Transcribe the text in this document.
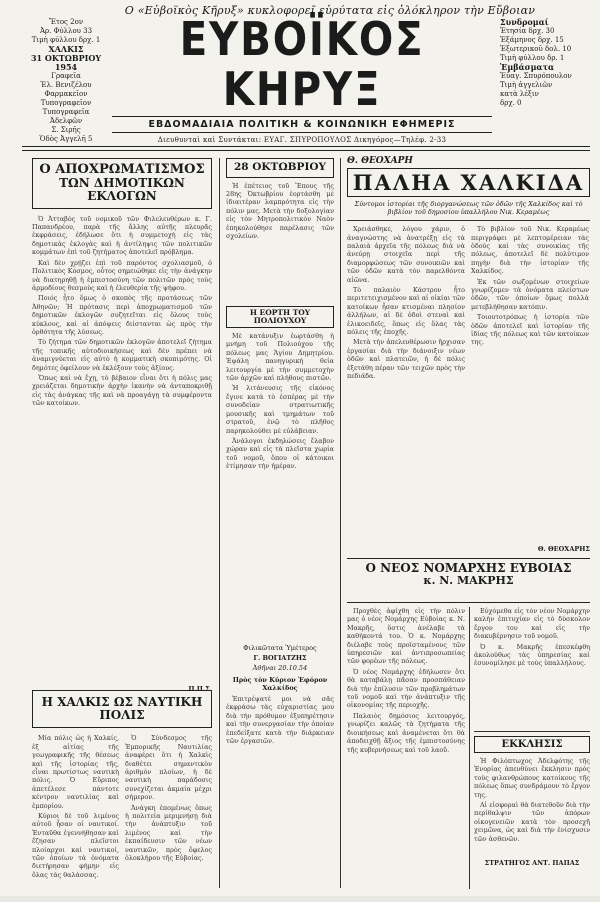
Ο «Εὐβοϊκὸς Κῆρυξ» κυκλοφορεῖ εὐρύτατα εἰς ὁλόκληρον τὴν Εὔβοιαν
Ἔτος 2ον
Ἀρ. Φύλλου 33
Τιμὴ φύλλου δρχ. 1
ΧΑΛΚΙΣ
31 ΟΚΤΩΒΡΙΟΥ 1954
Γραφεῖα
Ἐλ. Βενιζέλου Φαρμακεῖον
Τυπογραφεῖον
Τυπογραφεῖα Ἀδελφῶν
Σ. Σιρῆς
Ὁδὸς Ἀγγελῆ 5
ΕΥΒΟΪΚΟΣ ΚΗΡΥΞ
ΕΒΔΟΜΑΔΙΑΙΑ ΠΟΛΙΤΙΚΗ & ΚΟΙΝΩΝΙΚΗ ΕΦΗΜΕΡΙΣ
Διευθυνταὶ καὶ Συντάκται: ΕΥΑΓ. ΣΠΥΡΟΠΟΥΛΟΣ Δικηγόρος—Τηλέφ. 2-33
Συνδρομαί
Ἐτησία δρχ. 30
Ἑξάμηνος δρχ. 15
Ἐξωτερικοῦ δολ. 10
Τιμὴ φύλλου δρ. 1
Ἐμβάσματα
Ἐῦαγ. Σπυρόπουλον
Τιμὴ ἀγγελιῶν
κατὰ λέξιν
δρχ. 0
Ο ΑΠΟΧΡΩΜΑΤΙΣΜΟΣ
ΤΩΝ ΔΗΜΟΤΙΚΩΝ ΕΚΛΟΓΩΝ

Ὁ Ἀτταβὸς τοῦ νομικοῦ τῶν Φιλελευθέρων κ. Γ. Παπανδρέου, παρὰ τῆς ἄλλης αὐτῆς πλευρᾶς ἐκφράσεις, ἐδήλωσε ὅτι ἡ συμμετοχὴ εἰς τὰς δημοτικὰς ἐκλογὰς καὶ ἡ ἀντίληψις τῶν πολιτικῶν κομμάτων ἐπὶ τοῦ ζητήματος ἀποτελεῖ πρόβλημα.

Καὶ δὲν χρῄζει ἐπὶ τοῦ παρόντος σχολιασμοῦ, ὁ Πολιτικὸς Κόσμος, οὗτος σημειώθηκε εἰς τὴν ἀνάγκην νὰ διατηρηθῇ ἡ ἐμπιστοσύνη τῶν πολιτῶν πρὸς τοὺς ἀρμοδίους θεσμοὺς καὶ ἡ ἐλευθερία τῆς ψήφου.

Ποιός ἦτο ὅμως ὁ σκοπὸς τῆς προτάσεως τῶν Ἀθηνῶν; Ἡ πρότασις περὶ ἀποχρωματισμοῦ τῶν δημοτικῶν ἐκλογῶν συζητεῖται εἰς ὅλους τοὺς κύκλους, καὶ αἱ ἀπόψεις διίστανται ὡς πρὸς τὴν ὀρθότητα τῆς λύσεως.

Τὸ ζήτημα τῶν δημοτικῶν ἐκλογῶν ἀποτελεῖ ζήτημα τῆς τοπικῆς αὐτοδιοικήσεως καὶ δὲν πρέπει νὰ ἀναμιγνύεται εἰς αὐτὸ ἡ κομματικὴ σκοπιμότης. Οἱ δημότες ὀφείλουν νὰ ἐκλέξουν τοὺς ἀξίους.

Ὅπως καὶ νὰ ἔχῃ, τὸ βέβαιον εἶναι ὅτι ἡ πόλις μας χρειάζεται δημοτικὴν ἀρχὴν ἱκανὴν νὰ ἀνταποκριθῇ εἰς τὰς ἀνάγκας τῆς καὶ νὰ προαγάγῃ τὰ συμφέροντα τῶν κατοίκων.

Π.Π.Σ.
Η ΧΑΛΚΙΣ ΩΣ ΝΑΥΤΙΚΗ ΠΟΛΙΣ

Μία πόλις ὡς ἡ Χαλκίς, ἐξ αἰτίας τῆς γεωγραφικῆς τῆς θέσεως καὶ τῆς ἱστορίας τῆς, εἶναι πρωτίστως ναυτικὴ πόλις. Ὁ Εὔριπος ἀπετέλεσε πάντοτε κέντρον ναυτιλίας καὶ ἐμπορίου.

Κύριοι δὲ τοῦ λιμένος αὐτοῦ ἦσαν οἱ ναυτικοί. Ἐνταῦθα ἐγεννήθησαν καὶ ἔζησαν πλεῖστοι πλοίαρχοι καὶ ναυτικοί, τῶν ὁποίων τὰ ὀνόματα διετήρησαν φήμην εἰς ὅλας τὰς θαλάσσας.

Ὁ Σύνδεσμος τῆς Ἐμπορικῆς Ναυτιλίας ἀναφέρει ὅτι ἡ Χαλκὶς διαθέτει σημαντικὸν ἀριθμὸν πλοίων, ἡ δὲ ναυτικὴ παράδοσις συνεχίζεται ἀκμαία μέχρι σήμερον.

Ἀνάγκη ἐπομένως ὅπως ἡ πολιτεία μεριμνήσῃ διὰ τὴν ἀνάπτυξιν τοῦ λιμένος καὶ τὴν ἐκπαίδευσιν τῶν νέων ναυτικῶν, πρὸς ὄφελος ὁλοκλήρου τῆς Εὐβοίας.

28 ΟΚΤΩΒΡΙΟΥ

Ἡ ἐπέτειος τοῦ Ἔπους τῆς 28ης Ὀκτωβρίου ἑορτάσθη μὲ ἰδιαιτέραν λαμπρότητα εἰς τὴν πόλιν μας. Μετὰ τὴν δοξολογίαν εἰς τὸν Μητροπολιτικὸν Ναὸν ἐπηκολούθησε παρέλασις τῶν σχολείων.

Η ΕΟΡΤΗ ΤΟΥ ΠΟΛΙΟΥΧΟΥ

Μὲ κατάνυξιν ἑωρτάσθη ἡ μνήμη τοῦ Πολιούχου τῆς πόλεως μας Ἁγίου Δημητρίου. Ἐψάλη πανηγυρικὴ θεία λειτουργία μὲ τὴν συμμετοχὴν τῶν ἀρχῶν καὶ πλήθους πιστῶν.

Ἡ λιτάνευσις τῆς εἰκόνος ἔγινε κατὰ τὸ ἑσπέρας μὲ τὴν συνοδείαν στρατιωτικῆς μουσικῆς καὶ τμημάτων τοῦ στρατοῦ, ἐνῷ τὸ πλῆθος παρηκολούθει μὲ εὐλάβειαν.

Ἀνάλογοι ἐκδηλώσεις ἔλαβον χώραν καὶ εἰς τὰ πλεῖστα χωρία τοῦ νομοῦ, ὅπου οἱ κάτοικοι ἐτίμησαν τὴν ἡμέραν.

Φιλικῶτατα Ὑμέτερος
Γ. ΒΟΓΙΑΤΖΗΣ
Ἀθῆναι 20.10.54
Πρὸς τὸν Κύριον Ἐφόρον Χαλκίδος

Ἐπιτρέψατέ μοι νὰ σᾶς ἐκφράσω τὰς εὐχαριστίας μου διὰ τὴν πρόθυμον ἐξυπηρέτησιν καὶ τὴν συνεργασίαν τὴν ὁποίαν ἐπεδείξατε κατὰ τὴν διάρκειαν τῶν ἐργασιῶν.

Θ. ΘΕΟΧΑΡΗ
ΠΑΛΗΑ ΧΑΛΚΙΔΑ
Σύντομοι ἱστορίαι τῆς διοργανώσεως τῶν ὁδῶν τῆς Χαλκίδος καὶ τὸ βιβλίον τοῦ δημοσίου ὑπαλλήλου Νικ. Κεραμέως

Χρειάσθηκε, λόγου χάριν, ὁ ἀναγνώστης νὰ ἀνατρέξῃ εἰς τὰ παλαιὰ ἀρχεῖα τῆς πόλεως διὰ νὰ ἀνεύρῃ στοιχεῖα περὶ τῆς διαμορφώσεως τῶν συνοικιῶν καὶ τῶν ὁδῶν κατὰ τὸν παρελθόντα αἰῶνα.

Τὸ παλαιὸν Κάστρον ἦτο περιτετειχισμένον καὶ αἱ οἰκίαι τῶν κατοίκων ἦσαν κτισμέναι πλησίον ἀλλήλων, αἱ δὲ ὁδοὶ στεναὶ καὶ ἑλικοειδεῖς, ὅπως εἰς ὅλας τὰς πόλεις τῆς ἐποχῆς.

Μετὰ τὴν ἀπελευθέρωσιν ἤρχισαν ἐργασίαι διὰ τὴν διάνοιξιν νέων ὁδῶν καὶ πλατειῶν, ἡ δὲ πόλις ἐξετάθη πέραν τῶν τειχῶν πρὸς τὴν πεδιάδα.

Τὸ βιβλίον τοῦ Νικ. Κεραμέως περιγράφει μὲ λεπτομέρειαν τὰς ὁδοὺς καὶ τὰς συνοικίας τῆς πόλεως, ἀποτελεῖ δὲ πολύτιμον πηγὴν διὰ τὴν ἱστορίαν τῆς Χαλκίδος.

Ἐκ τῶν σωζομένων στοιχείων γνωρίζομεν τὰ ὀνόματα πλείστων ὁδῶν, τῶν ὁποίων ὅμως πολλὰ μετεβλήθησαν κατόπιν.

Τοιουτοτρόπως ἡ ἱστορία τῶν ὁδῶν ἀποτελεῖ καὶ ἱστορίαν τῆς ἰδίας τῆς πόλεως καὶ τῶν κατοίκων της.

Θ. ΘΕΟΧΑΡΗΣ
Ο ΝΕΟΣ ΝΟΜΑΡΧΗΣ ΕΥΒΟΙΑΣ
κ. Ν. ΜΑΚΡΗΣ

Προχθὲς ἀφίχθη εἰς τὴν πόλιν μας ὁ νέος Νομάρχης Εὐβοίας κ. Ν. Μακρῆς, ὅστις ἀνέλαβε τὰ καθήκοντά του. Ὁ κ. Νομάρχης διέλαβε τοὺς προϊσταμένους τῶν ὑπηρεσιῶν καὶ ἀντιπροσωπείας τῶν φορέων τῆς πόλεως.

Ὁ νέος Νομάρχης ἐδήλωσεν ὅτι θὰ καταβάλῃ πᾶσαν προσπάθειαν διὰ τὴν ἐπίλυσιν τῶν προβλημάτων τοῦ νομοῦ καὶ τὴν ἀνάπτυξιν τῆς οἰκονομίας τῆς περιοχῆς.

Παλαιὸς δημόσιος λειτουργός, γνωρίζει καλῶς τὰ ζητήματα τῆς διοικήσεως καὶ ἀναμένεται ὅτι θὰ ἀποδειχθῇ ἄξιος τῆς ἐμπιστοσύνης τῆς κυβερνήσεως καὶ τοῦ λαοῦ.

Εὐχόμεθα εἰς τὸν νέον Νομάρχην καλὴν ἐπιτυχίαν εἰς τὸ δύσκολον ἔργον του καὶ εἰς τὴν διακυβέρνησιν τοῦ νομοῦ.

Ὁ κ. Μακρῆς ἐπεσκέφθη ἀκολούθως τὰς ὑπηρεσίας καὶ ἐσυνομίλησε μὲ τοὺς ὑπαλλήλους.

ΕΚΚΛΗΣΙΣ

Ἡ Φιλόπτωχος Ἀδελφότης τῆς Ἐνορίας ἀπευθύνει ἔκκλησιν πρὸς τοὺς φιλανθρώπους κατοίκους τῆς πόλεως ὅπως συνδράμουν τὸ ἔργον της.

Αἱ εἰσφοραὶ θὰ διατεθοῦν διὰ τὴν περίθαλψιν τῶν ἀπόρων οἰκογενειῶν κατὰ τὸν προσεχῆ χειμῶνα, ὡς καὶ διὰ τὴν ἐνίσχυσιν τῶν ἀσθενῶν.

ΣΤΡΑΤΗΓΟΣ ΑΝΤ. ΠΑΠΑΣ
